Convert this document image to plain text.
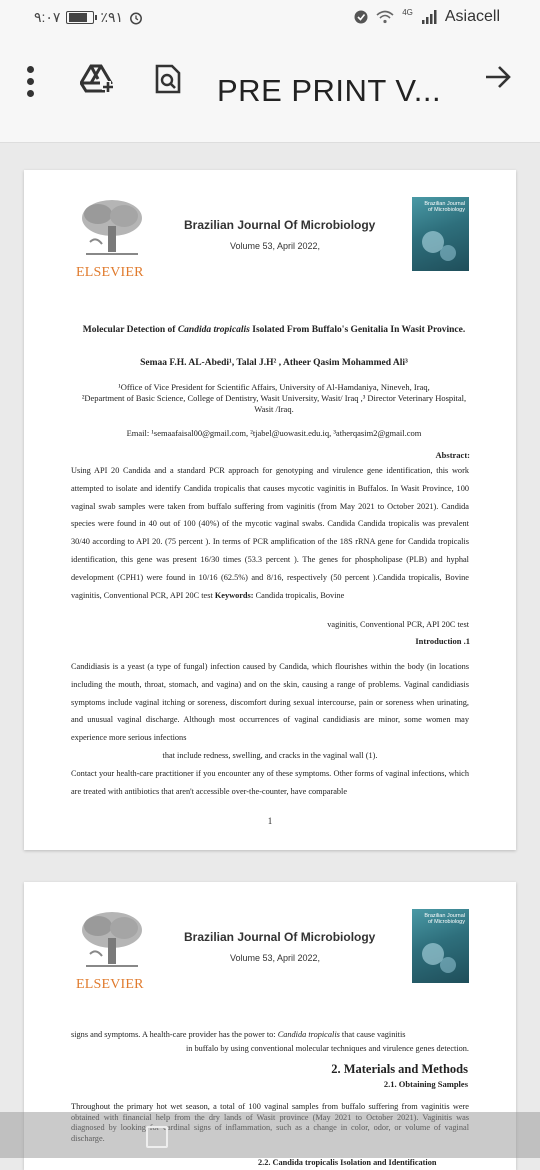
٩:٠٧	٪٩١	4G Asiacell
PRE PRINT V...
ELSEVIER
Brazilian Journal Of Microbiology
Volume 53, April 2022,
Brazilian Journal of Microbiology
Molecular Detection of Candida tropicalis Isolated From Buffalo's Genitalia In Wasit Province.
Semaa F.H. AL-Abedi¹, Talal J.H² , Atheer Qasim Mohammed Ali³
¹Office of Vice President for Scientific Affairs, University of Al-Hamdaniya, Nineveh, Iraq,
²Department of Basic Science, College of Dentistry, Wasit University, Wasit/ Iraq ,³ Director Veterinary Hospital, Wasit /Iraq.
Email: ¹semaafaisal00@gmail.com, ²tjabel@uowasit.edu.iq, ³atherqasim2@gmail.com
Abstract:
Using API 20 Candida and a standard PCR approach for genotyping and virulence gene identification, this work attempted to isolate and identify Candida tropicalis that causes mycotic vaginitis in Buffalos. In Wasit Province, 100 vaginal swab samples were taken from buffalo suffering from vaginitis (from May 2021 to October 2021). Candida species were found in 40 out of 100 (40%) of the mycotic vaginal swabs. Candida Candida tropicalis was prevalent 30/40 according to API 20. (75 percent ). In terms of PCR amplification of the 18S rRNA gene for Candida tropicalis identification, this gene was present 16/30 times (53.3 percent ). The genes for phospholipase (PLB) and hyphal development (CPH1) were found in 10/16 (62.5%) and 8/16, respectively (50 percent ).Candida tropicalis, Bovine vaginitis, Conventional PCR, API 20C test Keywords: Candida tropicalis, Bovine
vaginitis, Conventional PCR, API 20C test
Introduction .1
Candidiasis is a yeast (a type of fungal) infection caused by Candida, which flourishes within the body (in locations including the mouth, throat, stomach, and vagina) and on the skin, causing a range of problems. Vaginal candidiasis symptoms include vaginal itching or soreness, discomfort during sexual intercourse, pain or soreness when urinating, and unusual vaginal discharge. Although most occurrences of vaginal candidiasis are minor, some women may experience more serious infections
that include redness, swelling, and cracks in the vaginal wall (1).
Contact your health-care practitioner if you encounter any of these symptoms. Other forms of vaginal infections, which are treated with antibiotics that aren't accessible over-the-counter, have comparable
1
ELSEVIER
Brazilian Journal Of Microbiology
Volume 53, April 2022,
Brazilian Journal of Microbiology
signs and symptoms. A health-care provider has the power to: Candida tropicalis that cause vaginitis
in buffalo by using conventional molecular techniques and virulence genes detection.
2. Materials and Methods
2.1. Obtaining Samples
Throughout the primary hot wet season, a total of 100 vaginal samples from buffalo suffering from vaginitis were
2.2. Candida tropicalis Isolation and Identification
